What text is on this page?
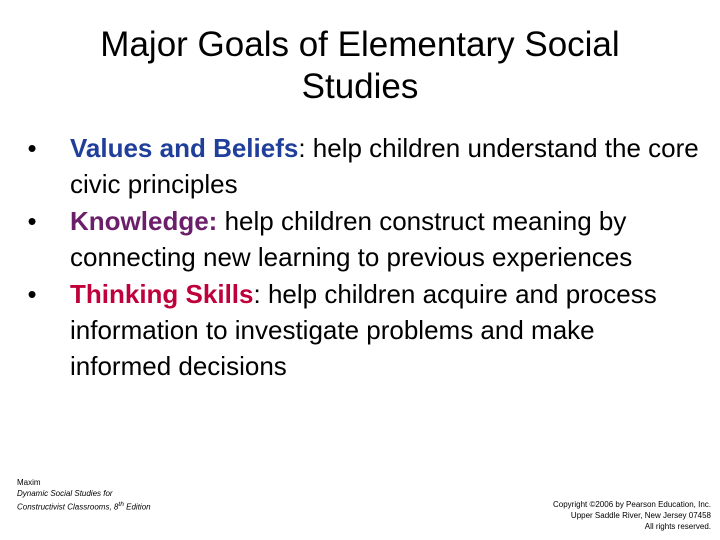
Major Goals of Elementary Social Studies
• Values and Beliefs: help children understand the core civic principles
• Knowledge: help children construct meaning by connecting new learning to previous experiences
• Thinking Skills: help children acquire and process information to investigate problems and make informed decisions
Maxim
Dynamic Social Studies for
Constructivist Classrooms, 8th Edition	Copyright ©2006 by Pearson Education, Inc.
Upper Saddle River, New Jersey 07458
All rights reserved.
